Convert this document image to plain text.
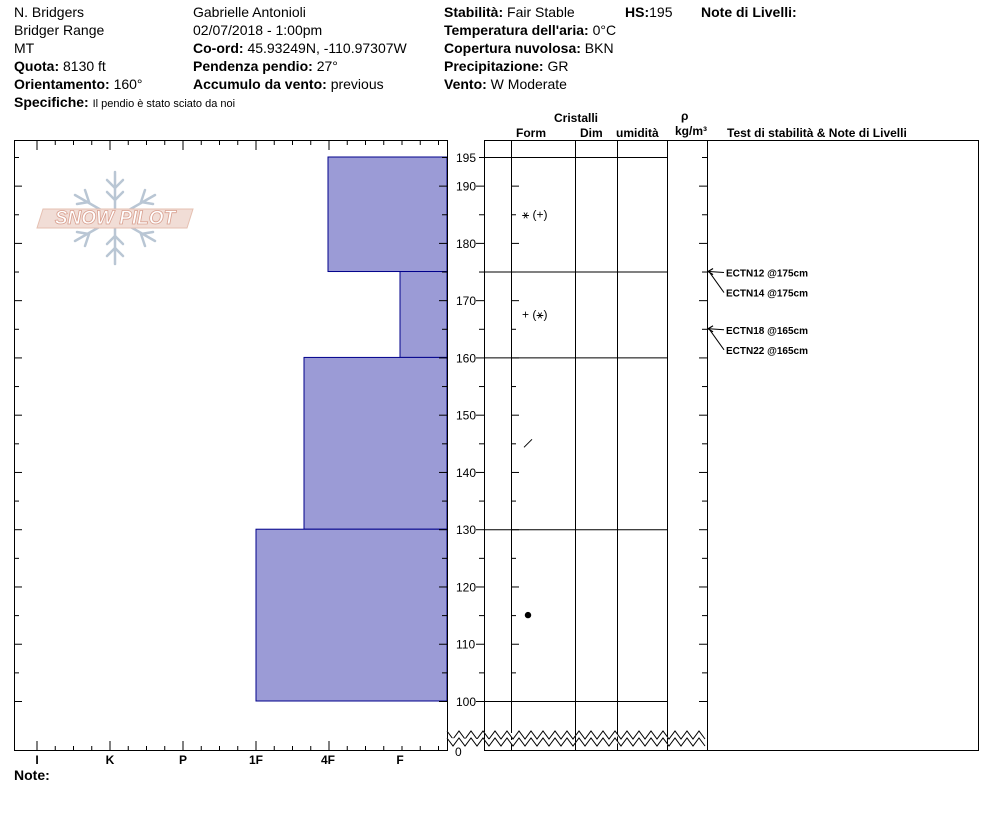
N. Bridgers
Bridger Range
MT
Quota: 8130 ft
Orientamento: 160°
Specifiche: Il pendio è stato sciato da noi
Gabrielle Antonioli
02/07/2018 - 1:00pm
Co-ord: 45.93249N, -110.97307W
Pendenza pendio: 27°
Accumulo da vento: previous
Stabilità: Fair Stable	HS:195 Note di Livelli:
Temperatura dell'aria: 0°C
Copertura nuvolosa: BKN
Precipitazione: GR
Vento: W Moderate
Cristalli
Form	Dim umidità
ρ
kg/m³ Test di stabilità & Note di Livelli
195
190
180
170
160
150
140
130
120
110
100
0
I	K	P	1F	4F	F
⚹ (+)
+ (⚹)
ECTN12 @175cm
ECTN14 @175cm
ECTN18 @165cm
ECTN22 @165cm
SNOW PILOT
Note:
